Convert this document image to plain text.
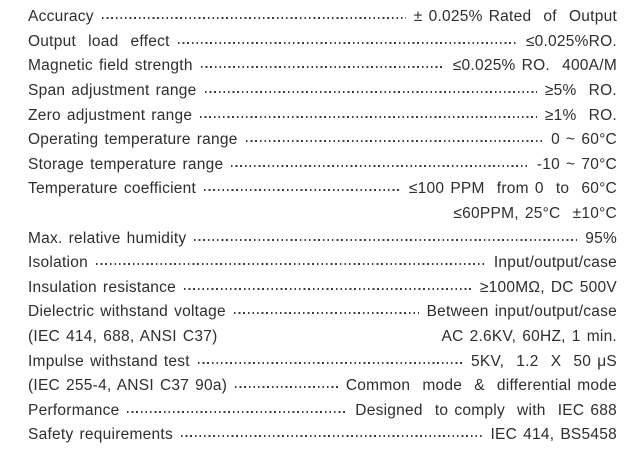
Accuracy	± 0.025% Rated  of  Output
Output  load  effect	≤0.025%RO.
Magnetic field strength	≤0.025% RO.  400A/M
Span adjustment range	≥5%  RO.
Zero adjustment range	≥1%  RO.
Operating temperature range	0 ~ 60°C
Storage temperature range	-10 ~ 70°C
Temperature coefficient	≤100 PPM  from 0  to  60°C
≤60PPM, 25°C  ±10°C
Max. relative humidity	95%
Isolation	Input/output/case
Insulation resistance	≥100MΩ, DC 500V
Dielectric withstand voltage	Between input/output/case
(IEC 414, 688, ANSI C37)	AC 2.6KV, 60HZ, 1 min.
Impulse withstand test	5KV,  1.2  X  50 μS
(IEC 255-4, ANSI C37 90a)	Common  mode  &  differential mode
Performance	Designed  to comply  with  IEC 688
Safety requirements	IEC 414, BS5458
